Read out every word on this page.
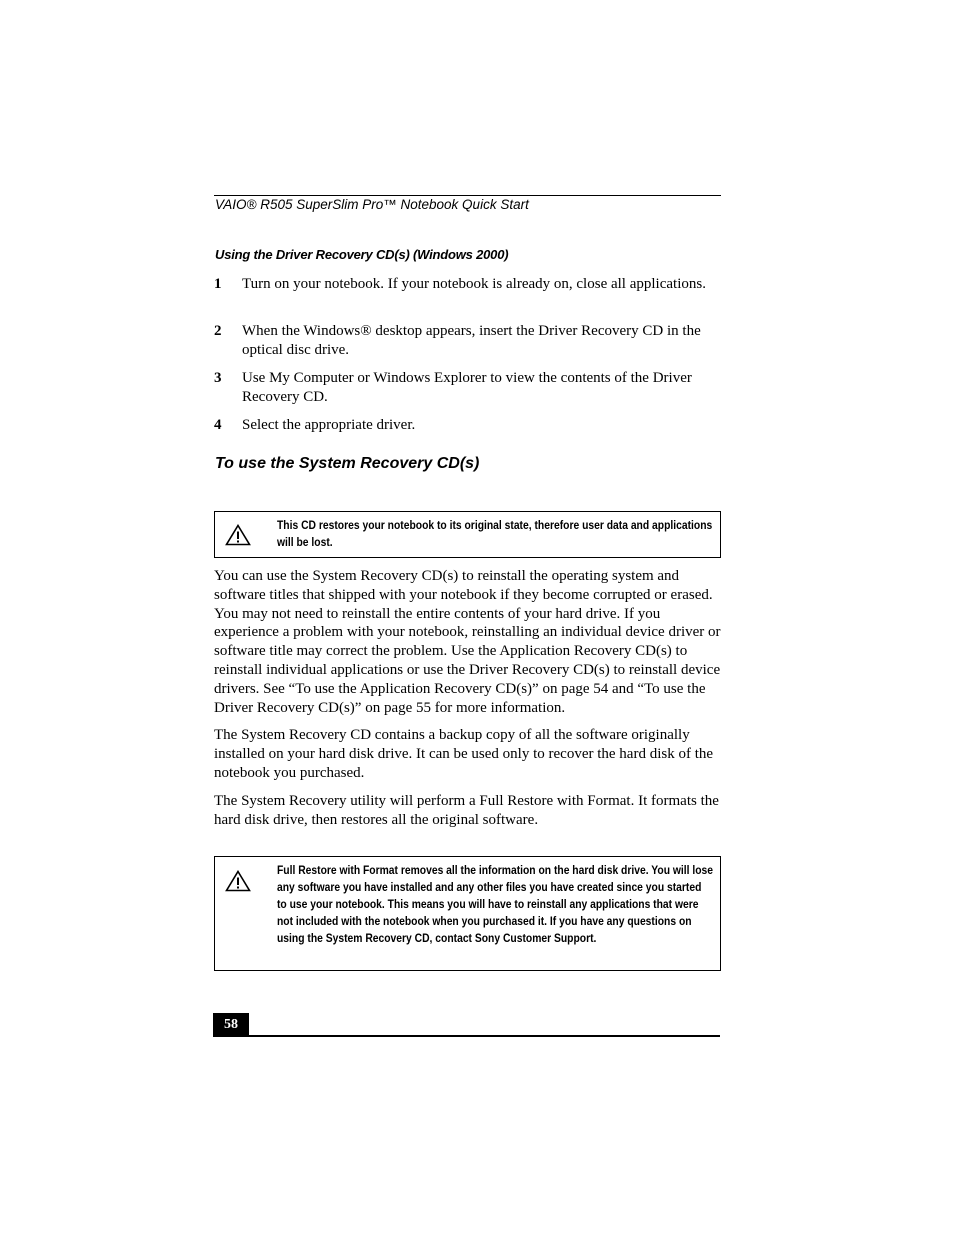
VAIO® R505 SuperSlim Pro™ Notebook Quick Start
Using the Driver Recovery CD(s) (Windows 2000)
1 Turn on your notebook. If your notebook is already on, close all applications.
2 When the Windows® desktop appears, insert the Driver Recovery CD in the optical disc drive.
3 Use My Computer or Windows Explorer to view the contents of the Driver Recovery CD.
4 Select the appropriate driver.
To use the System Recovery CD(s)
This CD restores your notebook to its original state, therefore user data and applications will be lost.
You can use the System Recovery CD(s) to reinstall the operating system and software titles that shipped with your notebook if they become corrupted or erased. You may not need to reinstall the entire contents of your hard drive. If you experience a problem with your notebook, reinstalling an individual device driver or software title may correct the problem. Use the Application Recovery CD(s) to reinstall individual applications or use the Driver Recovery CD(s) to reinstall device drivers. See “To use the Application Recovery CD(s)” on page 54 and “To use the Driver Recovery CD(s)” on page 55 for more information.
The System Recovery CD contains a backup copy of all the software originally installed on your hard disk drive. It can be used only to recover the hard disk of the notebook you purchased.
The System Recovery utility will perform a Full Restore with Format. It formats the hard disk drive, then restores all the original software.
Full Restore with Format removes all the information on the hard disk drive. You will lose any software you have installed and any other files you have created since you started to use your notebook. This means you will have to reinstall any applications that were not included with the notebook when you purchased it. If you have any questions on using the System Recovery CD, contact Sony Customer Support.
58
